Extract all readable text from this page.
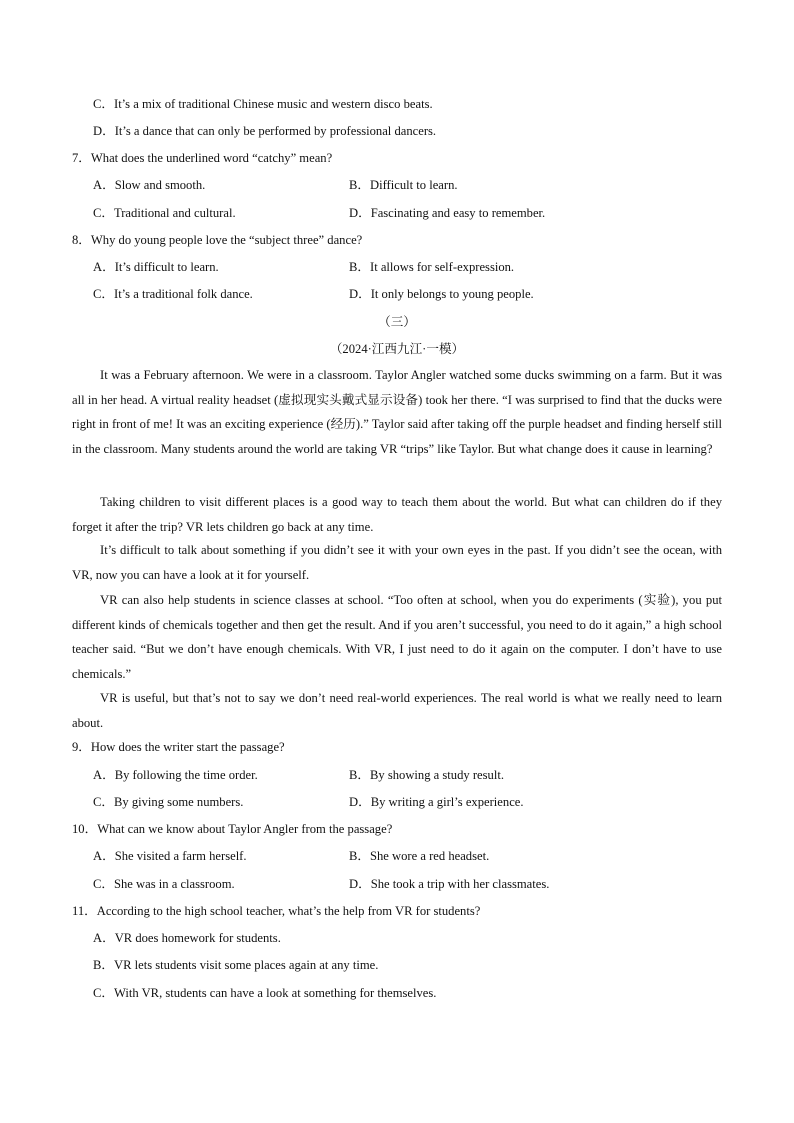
C．It’s a mix of traditional Chinese music and western disco beats.
D．It’s a dance that can only be performed by professional dancers.
7．What does the underlined word “catchy” mean?
A．Slow and smooth.	B．Difficult to learn.
C．Traditional and cultural.	D．Fascinating and easy to remember.
8．Why do young people love the “subject three” dance?
A．It’s difficult to learn.	B．It allows for self-expression.
C．It’s a traditional folk dance.	D．It only belongs to young people.
（三）
（2024·江西九江·一模）
It was a February afternoon. We were in a classroom. Taylor Angler watched some ducks swimming on a farm. But it was all in her head. A virtual reality headset (虚拟现实头戴式显示设备) took her there. “I was surprised to find that the ducks were right in front of me! It was an exciting experience (经历).” Taylor said after taking off the purple headset and finding herself still in the classroom. Many students around the world are taking VR “trips” like Taylor. But what change does it cause in learning?
Taking children to visit different places is a good way to teach them about the world. But what can children do if they forget it after the trip? VR lets children go back at any time.
It’s difficult to talk about something if you didn’t see it with your own eyes in the past. If you didn’t see the ocean, with VR, now you can have a look at it for yourself.
VR can also help students in science classes at school. “Too often at school, when you do experiments (实验), you put different kinds of chemicals together and then get the result. And if you aren’t successful, you need to do it again,” a high school teacher said. “But we don’t have enough chemicals. With VR, I just need to do it again on the computer. I don’t have to use chemicals.”
VR is useful, but that’s not to say we don’t need real-world experiences. The real world is what we really need to learn about.
9．How does the writer start the passage?
A．By following the time order.	B．By showing a study result.
C．By giving some numbers.	D．By writing a girl’s experience.
10．What can we know about Taylor Angler from the passage?
A．She visited a farm herself.	B．She wore a red headset.
C．She was in a classroom.	D．She took a trip with her classmates.
11．According to the high school teacher, what’s the help from VR for students?
A．VR does homework for students.
B．VR lets students visit some places again at any time.
C．With VR, students can have a look at something for themselves.
